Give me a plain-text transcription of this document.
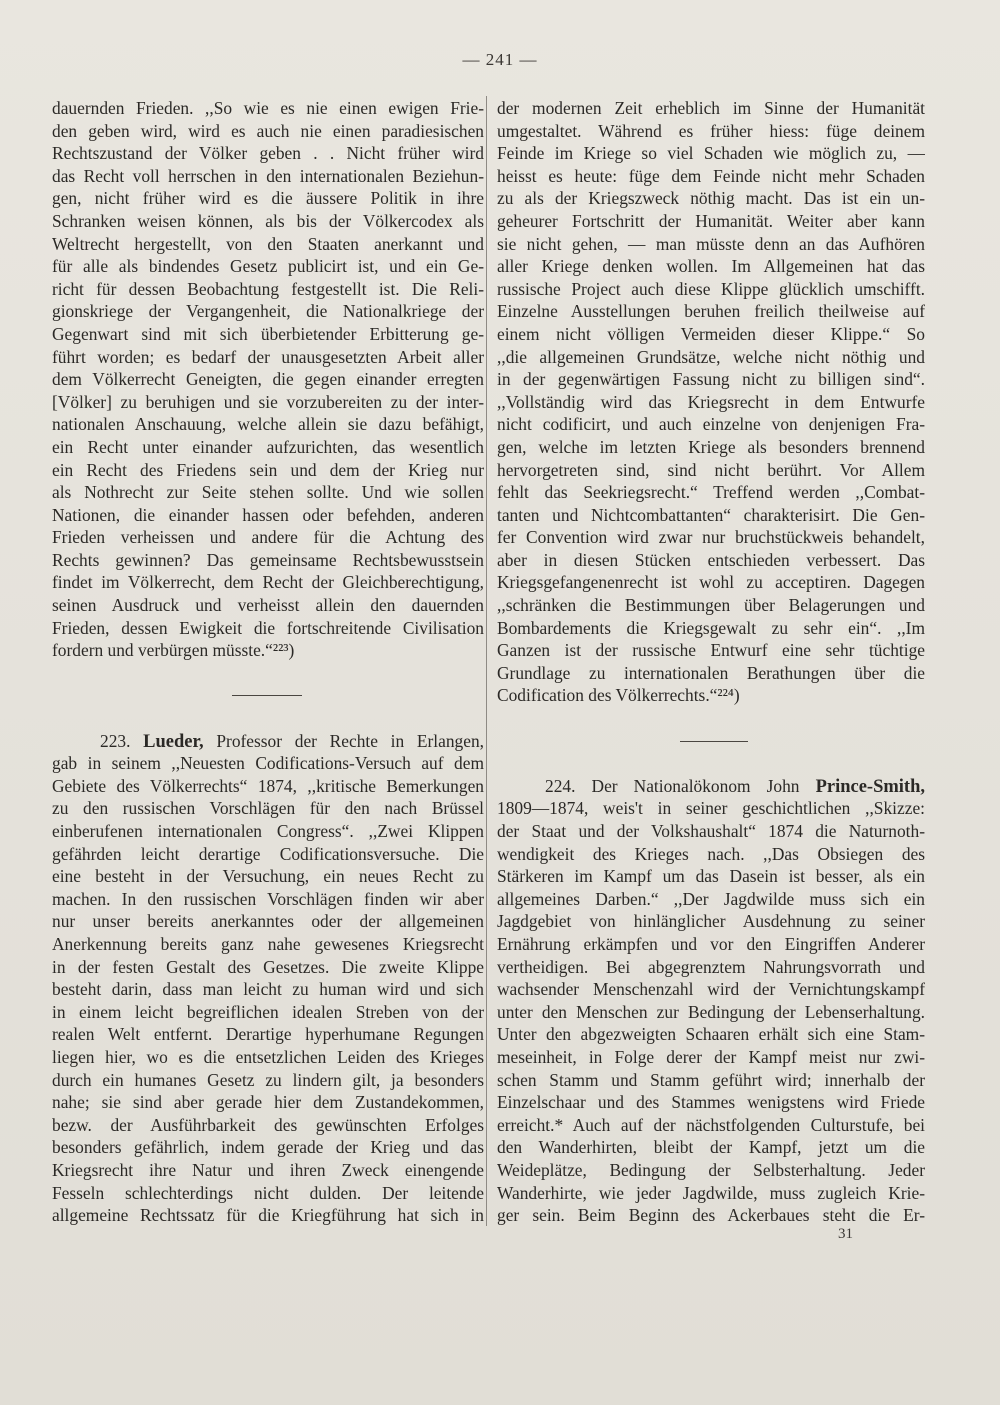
— 241 —
dauernden Frieden. ,,So wie es nie einen ewigen Frie-
den geben wird, wird es auch nie einen paradiesischen
Rechtszustand der Völker geben . . Nicht früher wird
das Recht voll herrschen in den internationalen Beziehun-
gen, nicht früher wird es die äussere Politik in ihre
Schranken weisen können, als bis der Völkercodex als
Weltrecht hergestellt, von den Staaten anerkannt und
für alle als bindendes Gesetz publicirt ist, und ein Ge-
richt für dessen Beobachtung festgestellt ist. Die Reli-
gionskriege der Vergangenheit, die Nationalkriege der
Gegenwart sind mit sich überbietender Erbitterung ge-
führt worden; es bedarf der unausgesetzten Arbeit aller
dem Völkerrecht Geneigten, die gegen einander erregten
[Völker] zu beruhigen und sie vorzubereiten zu der inter-
nationalen Anschauung, welche allein sie dazu befähigt,
ein Recht unter einander aufzurichten, das wesentlich
ein Recht des Friedens sein und dem der Krieg nur
als Nothrecht zur Seite stehen sollte. Und wie sollen
Nationen, die einander hassen oder befehden, anderen
Frieden verheissen und andere für die Achtung des
Rechts gewinnen? Das gemeinsame Rechtsbewusstsein
findet im Völkerrecht, dem Recht der Gleichberechtigung,
seinen Ausdruck und verheisst allein den dauernden
Frieden, dessen Ewigkeit die fortschreitende Civilisation
fordern und verbürgen müsste.“²²³)
223. Lueder, Professor der Rechte in Erlangen,
gab in seinem ,,Neuesten Codifications-Versuch auf dem
Gebiete des Völkerrechts“ 1874, ,,kritische Bemerkungen
zu den russischen Vorschlägen für den nach Brüssel
einberufenen internationalen Congress“. ,,Zwei Klippen
gefährden leicht derartige Codificationsversuche. Die
eine besteht in der Versuchung, ein neues Recht zu
machen. In den russischen Vorschlägen finden wir aber
nur unser bereits anerkanntes oder der allgemeinen
Anerkennung bereits ganz nahe gewesenes Kriegsrecht
in der festen Gestalt des Gesetzes. Die zweite Klippe
besteht darin, dass man leicht zu human wird und sich
in einem leicht begreiflichen idealen Streben von der
realen Welt entfernt. Derartige hyperhumane Regungen
liegen hier, wo es die entsetzlichen Leiden des Krieges
durch ein humanes Gesetz zu lindern gilt, ja besonders
nahe; sie sind aber gerade hier dem Zustandekommen,
bezw. der Ausführbarkeit des gewünschten Erfolges
besonders gefährlich, indem gerade der Krieg und das
Kriegsrecht ihre Natur und ihren Zweck einengende
Fesseln schlechterdings nicht dulden. Der leitende
allgemeine Rechtssatz für die Kriegführung hat sich in
der modernen Zeit erheblich im Sinne der Humanität
umgestaltet. Während es früher hiess: füge deinem
Feinde im Kriege so viel Schaden wie möglich zu, —
heisst es heute: füge dem Feinde nicht mehr Schaden
zu als der Kriegszweck nöthig macht. Das ist ein un-
geheurer Fortschritt der Humanität. Weiter aber kann
sie nicht gehen, — man müsste denn an das Aufhören
aller Kriege denken wollen. Im Allgemeinen hat das
russische Project auch diese Klippe glücklich umschifft.
Einzelne Ausstellungen beruhen freilich theilweise auf
einem nicht völligen Vermeiden dieser Klippe.“ So
,,die allgemeinen Grundsätze, welche nicht nöthig und
in der gegenwärtigen Fassung nicht zu billigen sind“.
,,Vollständig wird das Kriegsrecht in dem Entwurfe
nicht codificirt, und auch einzelne von denjenigen Fra-
gen, welche im letzten Kriege als besonders brennend
hervorgetreten sind, sind nicht berührt. Vor Allem
fehlt das Seekriegsrecht.“ Treffend werden ,,Combat-
tanten und Nichtcombattanten“ charakterisirt. Die Gen-
fer Convention wird zwar nur bruchstückweis behandelt,
aber in diesen Stücken entschieden verbessert. Das
Kriegsgefangenenrecht ist wohl zu acceptiren. Dagegen
,,schränken die Bestimmungen über Belagerungen und
Bombardements die Kriegsgewalt zu sehr ein“. ,,Im
Ganzen ist der russische Entwurf eine sehr tüchtige
Grundlage zu internationalen Berathungen über die
Codification des Völkerrechts.“²²⁴)
224. Der Nationalökonom John Prince-Smith,
1809—1874, weis't in seiner geschichtlichen ,,Skizze:
der Staat und der Volkshaushalt“ 1874 die Naturnoth-
wendigkeit des Krieges nach. ,,Das Obsiegen des
Stärkeren im Kampf um das Dasein ist besser, als ein
allgemeines Darben.“ ,,Der Jagdwilde muss sich ein
Jagdgebiet von hinlänglicher Ausdehnung zu seiner
Ernährung erkämpfen und vor den Eingriffen Anderer
vertheidigen. Bei abgegrenztem Nahrungsvorrath und
wachsender Menschenzahl wird der Vernichtungskampf
unter den Menschen zur Bedingung der Lebenserhaltung.
Unter den abgezweigten Schaaren erhält sich eine Stam-
meseinheit, in Folge derer der Kampf meist nur zwi-
schen Stamm und Stamm geführt wird; innerhalb der
Einzelschaar und des Stammes wenigstens wird Friede
erreicht.* Auch auf der nächstfolgenden Culturstufe, bei
den Wanderhirten, bleibt der Kampf, jetzt um die
Weideplätze, Bedingung der Selbsterhaltung. Jeder
Wanderhirte, wie jeder Jagdwilde, muss zugleich Krie-
ger sein. Beim Beginn des Ackerbaues steht die Er-
31
